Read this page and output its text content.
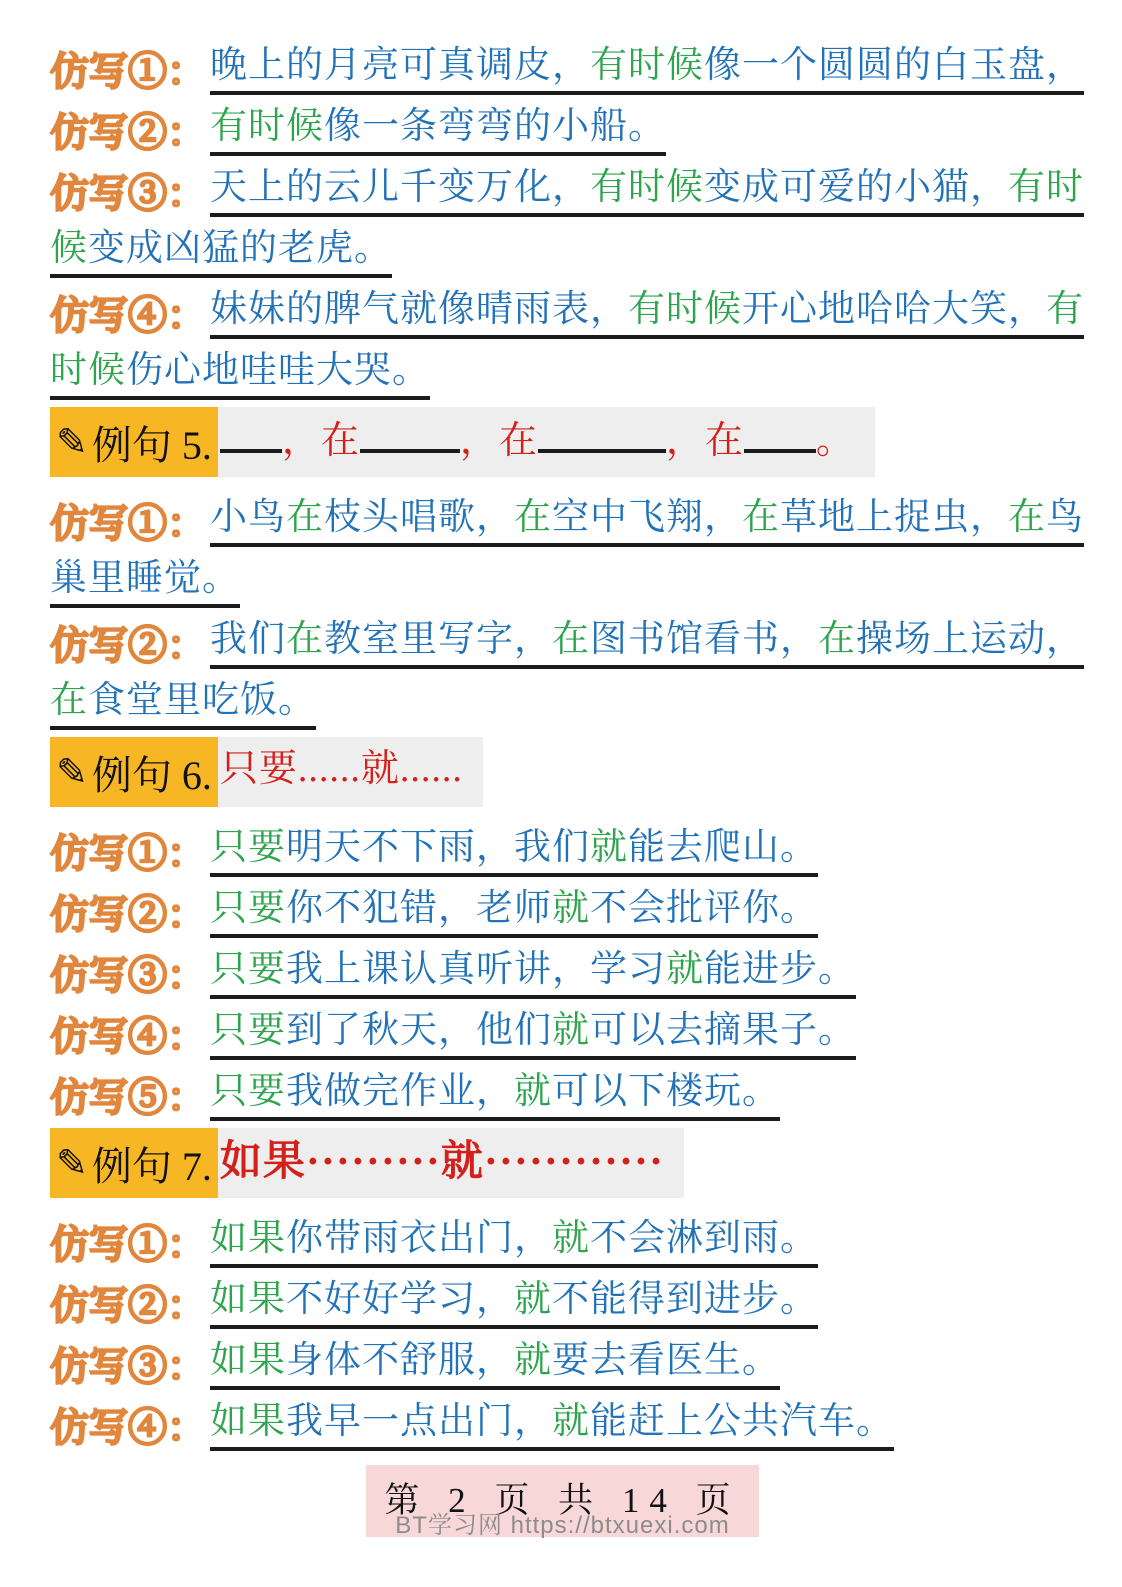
仿写①： 晚上的月亮可真调皮，有时候像一个圆圆的白玉盘，
仿写②： 有时候像一条弯弯的小船。
仿写③： 天上的云儿千变万化，有时候变成可爱的小猫，有时
候变成凶猛的老虎。
仿写④： 妹妹的脾气就像晴雨表，有时候开心地哈哈大笑，有
时候伤心地哇哇大哭。
✎ 例句 5. ，在	，在	，在 。
仿写①： 小鸟在枝头唱歌，在空中飞翔，在草地上捉虫，在鸟
巢里睡觉。
仿写②： 我们在教室里写字，在图书馆看书，在操场上运动，
在食堂里吃饭。
✎ 例句 6. 只要......就......
仿写①： 只要明天不下雨，我们就能去爬山。
仿写②： 只要你不犯错，老师就不会批评你。
仿写③： 只要我上课认真听讲，学习就能进步。
仿写④： 只要到了秋天，他们就可以去摘果子。
仿写⑤： 只要我做完作业，就可以下楼玩。
✎ 例句 7. 如果·········就············
仿写①： 如果你带雨衣出门，就不会淋到雨。
仿写②： 如果不好好学习，就不能得到进步。
仿写③： 如果身体不舒服，就要去看医生。
仿写④： 如果我早一点出门，就能赶上公共汽车。
第 2 页 共 14 页
BT学习网 https://btxuexi.com
